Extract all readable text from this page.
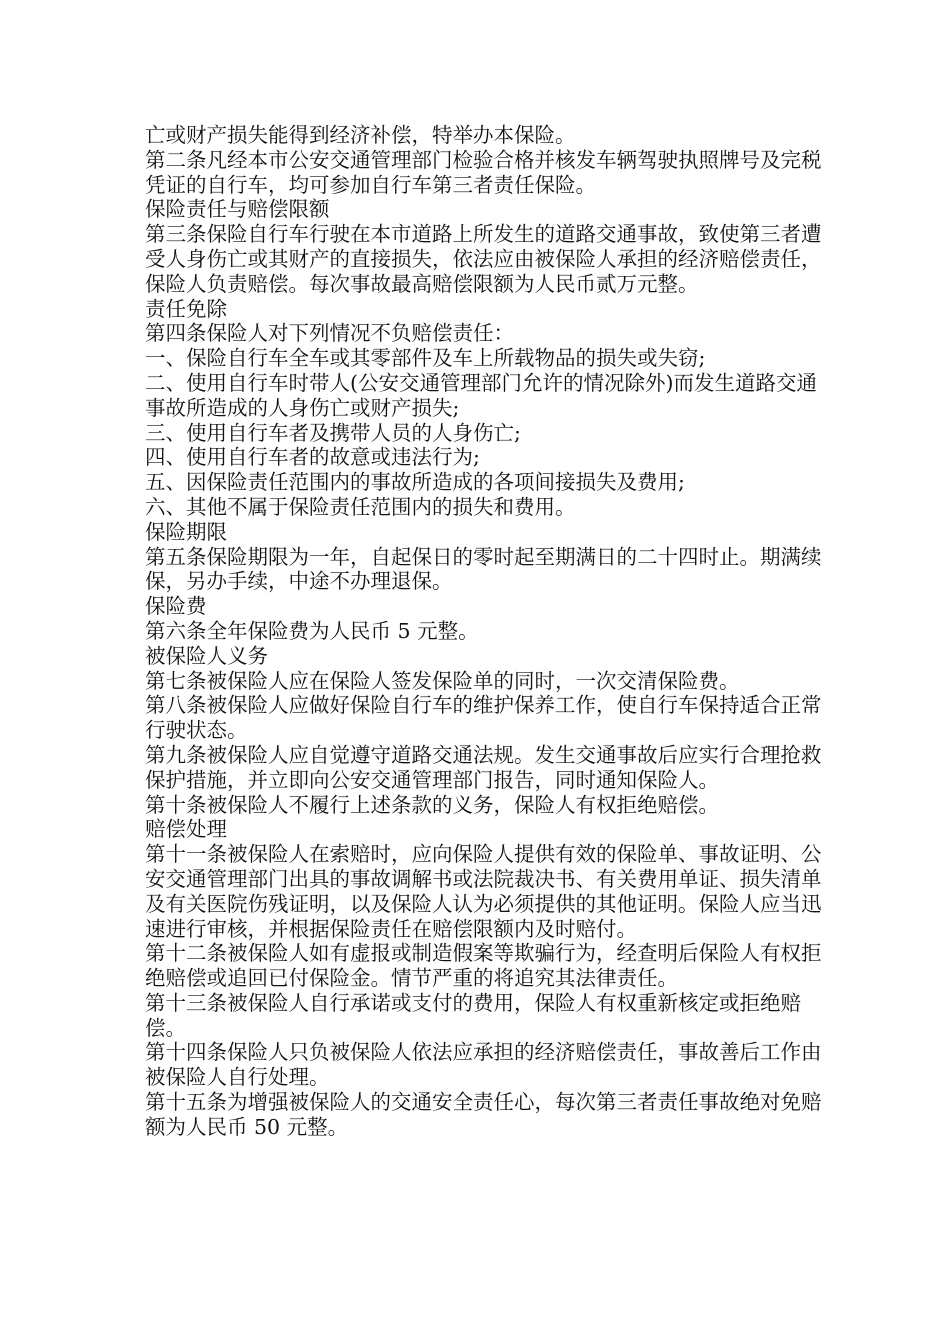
亡或财产损失能得到经济补偿，特举办本保险。

第二条凡经本市公安交通管理部门检验合格并核发车辆驾驶执照牌号及完税凭证的自行车，均可参加自行车第三者责任保险。

保险责任与赔偿限额

第三条保险自行车行驶在本市道路上所发生的道路交通事故，致使第三者遭受人身伤亡或其财产的直接损失，依法应由被保险人承担的经济赔偿责任，保险人负责赔偿。每次事故最高赔偿限额为人民币贰万元整。

责任免除

第四条保险人对下列情况不负赔偿责任：

一、保险自行车全车或其零部件及车上所载物品的损失或失窃;

二、使用自行车时带人(公安交通管理部门允许的情况除外)而发生道路交通事故所造成的人身伤亡或财产损失;

三、使用自行车者及携带人员的人身伤亡;

四、使用自行车者的故意或违法行为;

五、因保险责任范围内的事故所造成的各项间接损失及费用;

六、其他不属于保险责任范围内的损失和费用。

保险期限

第五条保险期限为一年，自起保日的零时起至期满日的二十四时止。期满续保，另办手续，中途不办理退保。

保险费

第六条全年保险费为人民币 5 元整。

被保险人义务

第七条被保险人应在保险人签发保险单的同时，一次交清保险费。

第八条被保险人应做好保险自行车的维护保养工作，使自行车保持适合正常行驶状态。

第九条被保险人应自觉遵守道路交通法规。发生交通事故后应实行合理抢救保护措施，并立即向公安交通管理部门报告，同时通知保险人。

第十条被保险人不履行上述条款的义务，保险人有权拒绝赔偿。

赔偿处理

第十一条被保险人在索赔时，应向保险人提供有效的保险单、事故证明、公安交通管理部门出具的事故调解书或法院裁决书、有关费用单证、损失清单及有关医院伤残证明，以及保险人认为必须提供的其他证明。保险人应当迅速进行审核，并根据保险责任在赔偿限额内及时赔付。

第十二条被保险人如有虚报或制造假案等欺骗行为，经查明后保险人有权拒绝赔偿或追回已付保险金。情节严重的将追究其法律责任。

第十三条被保险人自行承诺或支付的费用，保险人有权重新核定或拒绝赔偿。

第十四条保险人只负被保险人依法应承担的经济赔偿责任，事故善后工作由被保险人自行处理。

第十五条为增强被保险人的交通安全责任心，每次第三者责任事故绝对免赔额为人民币 50 元整。
